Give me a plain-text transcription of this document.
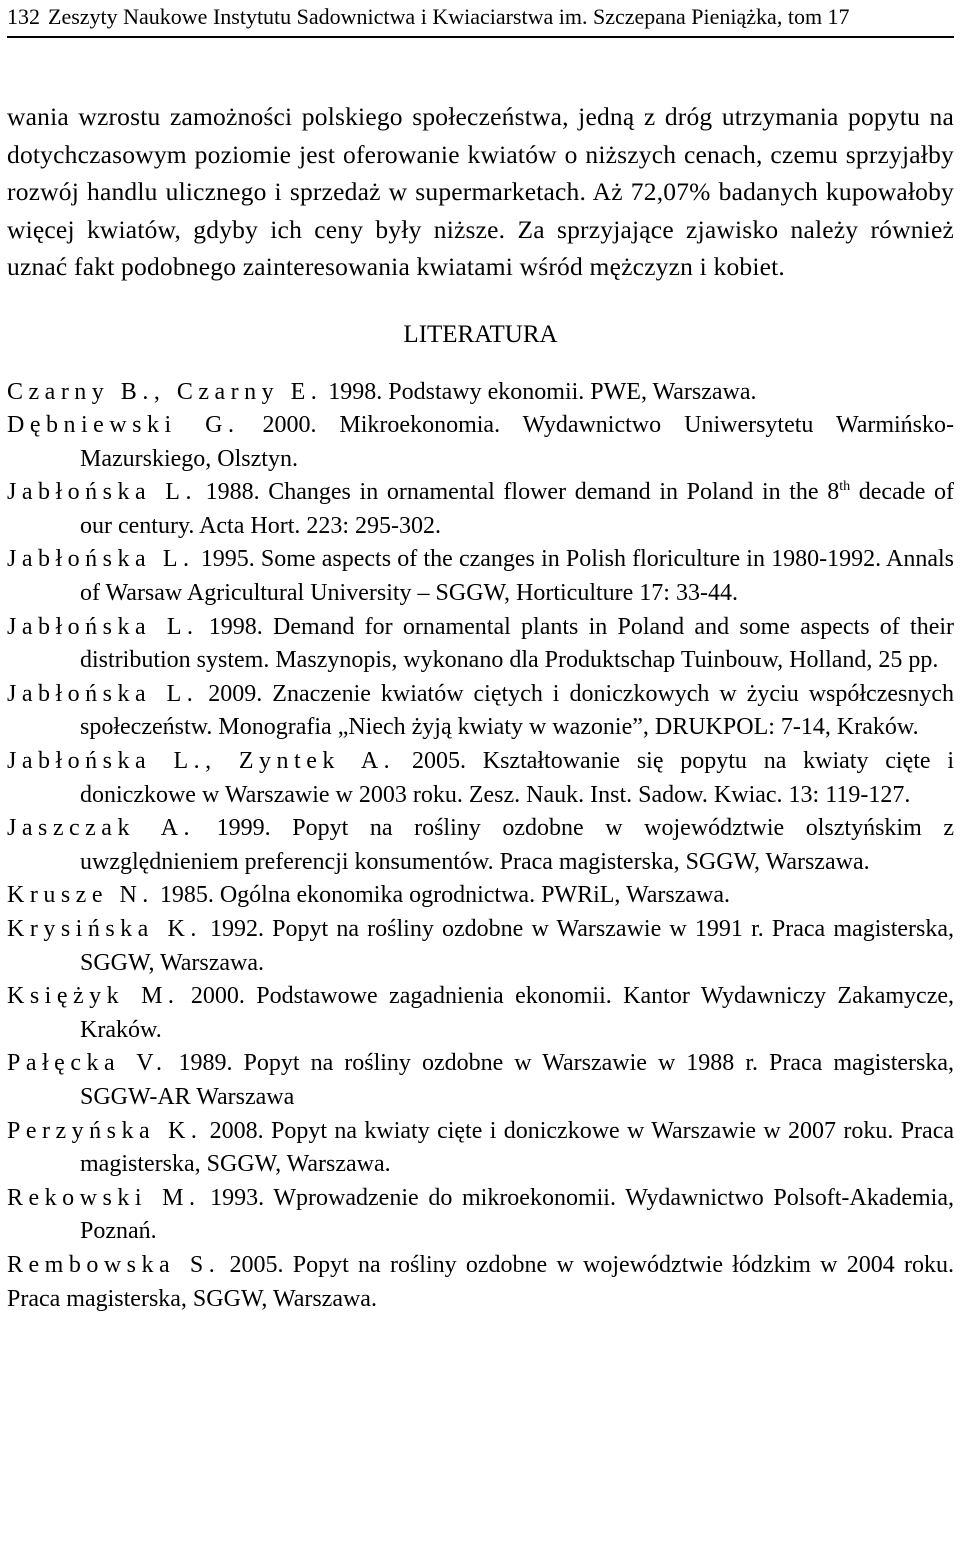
132 Zeszyty Naukowe Instytutu Sadownictwa i Kwiaciarstwa im. Szczepana Pieniążka, tom 17

wania wzrostu zamożności polskiego społeczeństwa, jedną z dróg utrzymania popytu na dotychczasowym poziomie jest oferowanie kwiatów o niższych cenach, czemu sprzyjałby rozwój handlu ulicznego i sprzedaż w supermarketach. Aż 72,07% badanych kupowałoby więcej kwiatów, gdyby ich ceny były niższe. Za sprzyjające zjawisko należy również uznać fakt podobnego zainteresowania kwiatami wśród mężczyzn i kobiet.

LITERATURA

Czarny B., Czarny E. 1998. Podstawy ekonomii. PWE, Warszawa.

Dębniewski G. 2000. Mikroekonomia. Wydawnictwo Uniwersytetu Warmińsko-Mazurskiego, Olsztyn.

Jabłońska L. 1988. Changes in ornamental flower demand in Poland in the 8th decade of our century. Acta Hort. 223: 295-302.

Jabłońska L. 1995. Some aspects of the czanges in Polish floriculture in 1980-1992. Annals of Warsaw Agricultural University – SGGW, Horticulture 17: 33-44.

Jabłońska L. 1998. Demand for ornamental plants in Poland and some aspects of their distribution system. Maszynopis, wykonano dla Produktschap Tuinbouw, Holland, 25 pp.

Jabłońska L. 2009. Znaczenie kwiatów ciętych i doniczkowych w życiu współczesnych społeczeństw. Monografia „Niech żyją kwiaty w wazonie”, DRUKPOL: 7-14, Kraków.

Jabłońska L., Zyntek A. 2005. Kształtowanie się popytu na kwiaty cięte i doniczkowe w Warszawie w 2003 roku. Zesz. Nauk. Inst. Sadow. Kwiac. 13: 119-127.

Jaszczak A. 1999. Popyt na rośliny ozdobne w województwie olsztyńskim z uwzględnieniem preferencji konsumentów. Praca magisterska, SGGW, Warszawa.

Krusze N. 1985. Ogólna ekonomika ogrodnictwa. PWRiL, Warszawa.

Krysińska K. 1992. Popyt na rośliny ozdobne w Warszawie w 1991 r. Praca magisterska, SGGW, Warszawa.

Księżyk M. 2000. Podstawowe zagadnienia ekonomii. Kantor Wydawniczy Zakamycze, Kraków.

Pałęcka V. 1989. Popyt na rośliny ozdobne w Warszawie w 1988 r. Praca magisterska, SGGW-AR Warszawa

Perzyńska K. 2008. Popyt na kwiaty cięte i doniczkowe w Warszawie w 2007 roku. Praca magisterska, SGGW, Warszawa.

Rekowski M. 1993. Wprowadzenie do mikroekonomii. Wydawnictwo Polsoft-Akademia, Poznań.

Rembowska S. 2005. Popyt na rośliny ozdobne w województwie łódzkim w 2004 roku. Praca magisterska, SGGW, Warszawa.
